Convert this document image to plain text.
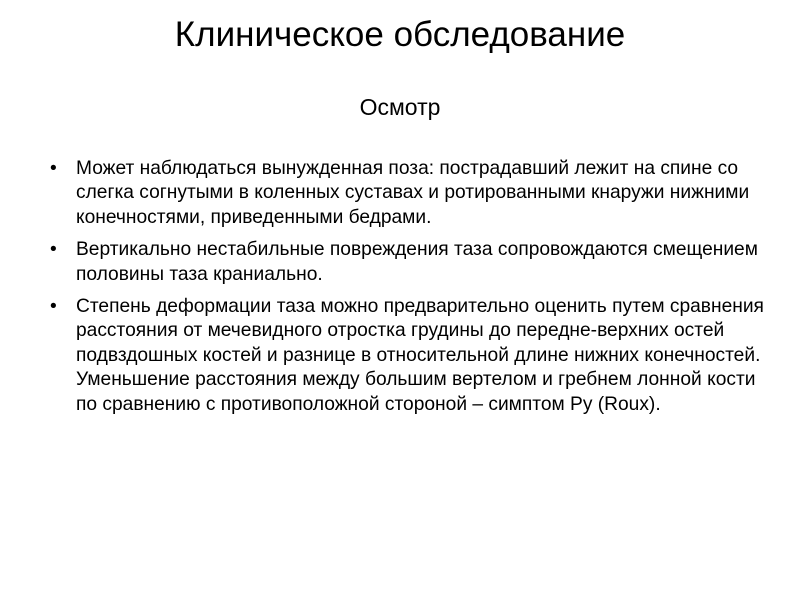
Клиническое обследование
Осмотр
• Может наблюдаться вынужденная поза: пострадавший лежит на спине со слегка согнутыми в коленных суставах и ротированными кнаружи нижними конечностями, приведенными бедрами.
• Вертикально нестабильные повреждения таза сопровождаются смещением половины таза краниально.
• Степень деформации таза можно предварительно оценить путем сравнения расстояния от мечевидного отростка грудины до передне-верхних остей подвздошных костей и разнице в относительной длине нижних конечностей. Уменьшение расстояния между большим вертелом и гребнем лонной кости по сравнению с противоположной стороной – симптом Ру (Roux).
